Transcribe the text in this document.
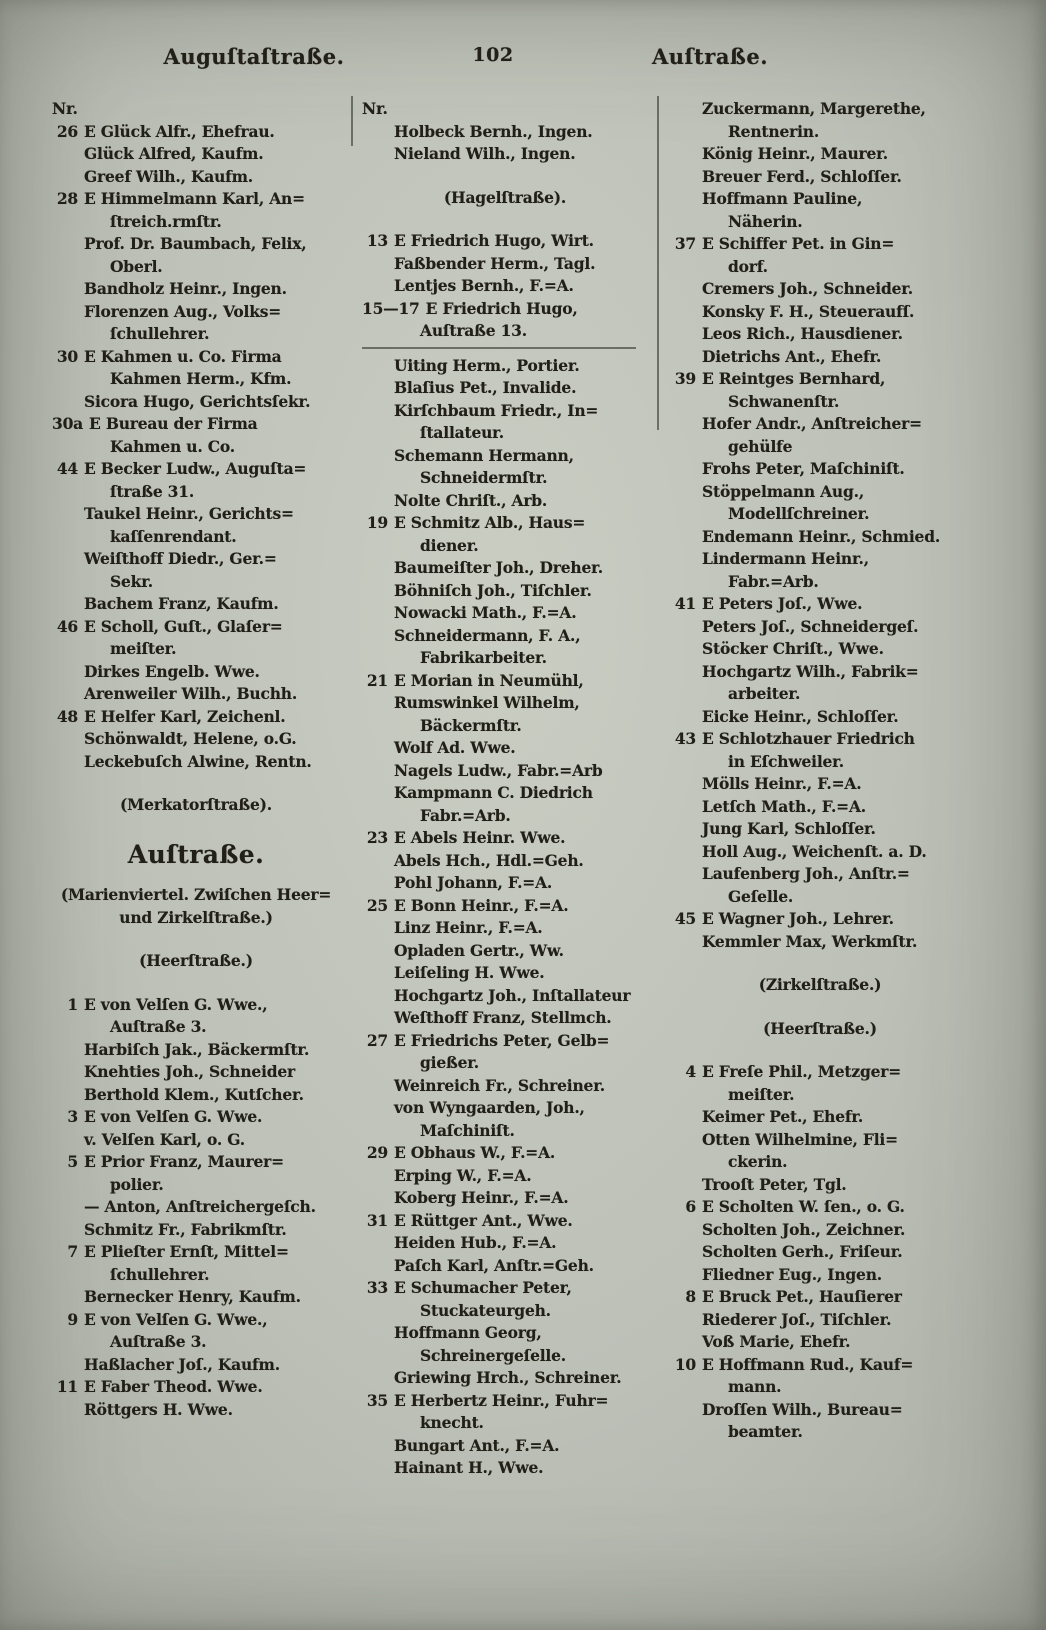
Auguſtaſtraße.	102	Auſtraße.
Nr.
26 E Glück Alfr., Ehefrau.
Glück Alfred, Kaufm.
Greef Wilh., Kaufm.
28 E Himmelmann Karl, An=
ſtreich.rmſtr.
Prof. Dr. Baumbach, Felix,
Oberl.
Bandholz Heinr., Ingen.
Florenzen Aug., Volks=
ſchullehrer.
30 E Kahmen u. Co. Firma
Kahmen Herm., Kfm.
Sicora Hugo, Gerichtsſekr.
30a E Bureau der Firma
Kahmen u. Co.
44 E Becker Ludw., Auguſta=
ſtraße 31.
Taukel Heinr., Gerichts=
kaſſenrendant.
Weiſthoff Diedr., Ger.=
Sekr.
Bachem Franz, Kaufm.
46 E Scholl, Guſt., Glaſer=
meiſter.
Dirkes Engelb. Wwe.
Arenweiler Wilh., Buchh.
48 E Helfer Karl, Zeichenl.
Schönwaldt, Helene, o.G.
Leckebuſch Alwine, Rentn.
(Merkatorſtraße).
Auſtraße.
(Marienviertel. Zwiſchen Heer=
und Zirkelſtraße.)
(Heerſtraße.)
1 E von Velſen G. Wwe.,
Auſtraße 3.
Harbiſch Jak., Bäckermſtr.
Knehties Joh., Schneider
Berthold Klem., Kutſcher.
3 E von Velſen G. Wwe.
v. Velſen Karl, o. G.
5 E Prior Franz, Maurer=
polier.
— Anton, Anſtreichergeſch.
Schmitz Fr., Fabrikmſtr.
7 E Plieſter Ernſt, Mittel=
ſchullehrer.
Bernecker Henry, Kaufm.
9 E von Velſen G. Wwe.,
Auſtraße 3.
Haßlacher Joſ., Kaufm.
11 E Faber Theod. Wwe.
Röttgers H. Wwe.
Nr.
Holbeck Bernh., Ingen.
Nieland Wilh., Ingen.
(Hagelſtraße).
13 E Friedrich Hugo, Wirt.
Faßbender Herm., Tagl.
Lentjes Bernh., F.=A.
15—17 E Friedrich Hugo,
Auſtraße 13.
Uiting Herm., Portier.
Blaſius Pet., Invalide.
Kirſchbaum Friedr., In=
ſtallateur.
Schemann Hermann,
Schneidermſtr.
Nolte Chriſt., Arb.
19 E Schmitz Alb., Haus=
diener.
Baumeiſter Joh., Dreher.
Böhniſch Joh., Tiſchler.
Nowacki Math., F.=A.
Schneidermann, F. A.,
Fabrikarbeiter.
21 E Morian in Neumühl,
Rumswinkel Wilhelm,
Bäckermſtr.
Wolf Ad. Wwe.
Nagels Ludw., Fabr.=Arb
Kampmann C. Diedrich
Fabr.=Arb.
23 E Abels Heinr. Wwe.
Abels Hch., Hdl.=Geh.
Pohl Johann, F.=A.
25 E Bonn Heinr., F.=A.
Linz Heinr., F.=A.
Opladen Gertr., Ww.
Leiſeling H. Wwe.
Hochgartz Joh., Inſtallateur
Weſthoff Franz, Stellmch.
27 E Friedrichs Peter, Gelb=
gießer.
Weinreich Fr., Schreiner.
von Wyngaarden, Joh.,
Maſchiniſt.
29 E Obhaus W., F.=A.
Erping W., F.=A.
Koberg Heinr., F.=A.
31 E Rüttger Ant., Wwe.
Heiden Hub., F.=A.
Paſch Karl, Anſtr.=Geh.
33 E Schumacher Peter,
Stuckateurgeh.
Hoffmann Georg,
Schreinergeſelle.
Griewing Hrch., Schreiner.
35 E Herbertz Heinr., Fuhr=
knecht.
Bungart Ant., F.=A.
Hainant H., Wwe.
Zuckermann, Margerethe,
Rentnerin.
König Heinr., Maurer.
Breuer Ferd., Schloſſer.
Hoffmann Pauline,
Näherin.
37 E Schiffer Pet. in Gin=
dorf.
Cremers Joh., Schneider.
Konsky F. H., Steueraufſ.
Leos Rich., Hausdiener.
Dietrichs Ant., Ehefr.
39 E Reintges Bernhard,
Schwanenſtr.
Hofer Andr., Anſtreicher=
gehülfe
Frohs Peter, Maſchiniſt.
Stöppelmann Aug.,
Modellſchreiner.
Endemann Heinr., Schmied.
Lindermann Heinr.,
Fabr.=Arb.
41 E Peters Joſ., Wwe.
Peters Joſ., Schneidergeſ.
Stöcker Chriſt., Wwe.
Hochgartz Wilh., Fabrik=
arbeiter.
Eicke Heinr., Schloſſer.
43 E Schlotzhauer Friedrich
in Eſchweiler.
Mölls Heinr., F.=A.
Letſch Math., F.=A.
Jung Karl, Schloſſer.
Holl Aug., Weichenſt. a. D.
Laufenberg Joh., Anſtr.=
Geſelle.
45 E Wagner Joh., Lehrer.
Kemmler Max, Werkmſtr.
(Zirkelſtraße.)
(Heerſtraße.)
4 E Freſe Phil., Metzger=
meiſter.
Keimer Pet., Ehefr.
Otten Wilhelmine, Fli=
ckerin.
Trooſt Peter, Tgl.
6 E Scholten W. ſen., o. G.
Scholten Joh., Zeichner.
Scholten Gerh., Friſeur.
Fliedner Eug., Ingen.
8 E Bruck Pet., Hauſierer
Riederer Joſ., Tiſchler.
Voß Marie, Ehefr.
10 E Hoffmann Rud., Kauf=
mann.
Droſſen Wilh., Bureau=
beamter.
